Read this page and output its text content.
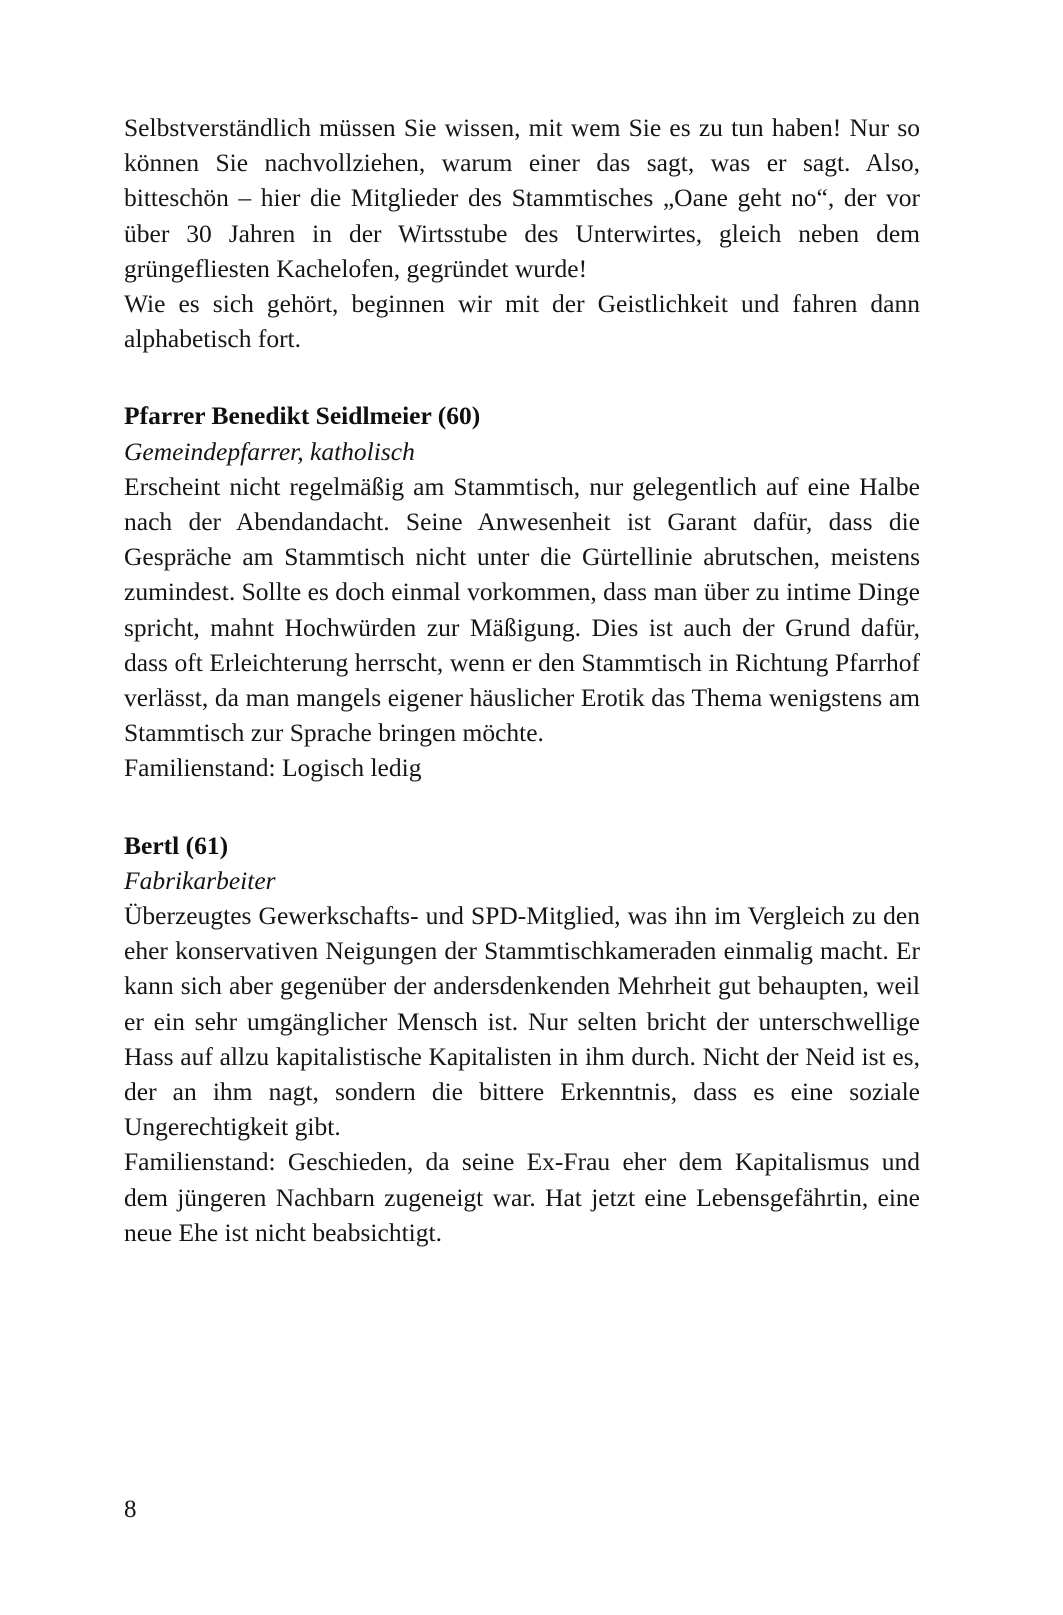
Selbstverständlich müssen Sie wissen, mit wem Sie es zu tun haben! Nur so können Sie nachvollziehen, warum einer das sagt, was er sagt. Also, bitteschön – hier die Mitglieder des Stammtisches „Oane geht no“, der vor über 30 Jahren in der Wirtsstube des Unterwirtes, gleich neben dem grüngefliesten Kachelofen, gegründet wurde!

Wie es sich gehört, beginnen wir mit der Geistlichkeit und fahren dann alphabetisch fort.

Pfarrer Benedikt Seidlmeier (60)

Gemeindepfarrer, katholisch

Erscheint nicht regelmäßig am Stammtisch, nur gelegentlich auf eine Halbe nach der Abendandacht. Seine Anwesenheit ist Garant dafür, dass die Gespräche am Stammtisch nicht unter die Gürtellinie abrutschen, meistens zumindest. Sollte es doch einmal vorkommen, dass man über zu intime Dinge spricht, mahnt Hochwürden zur Mäßigung. Dies ist auch der Grund dafür, dass oft Erleichterung herrscht, wenn er den Stammtisch in Richtung Pfarrhof verlässt, da man mangels eigener häuslicher Erotik das Thema wenigstens am Stammtisch zur Sprache bringen möchte.

Familienstand: Logisch ledig

Bertl (61)

Fabrikarbeiter

Überzeugtes Gewerkschafts- und SPD-Mitglied, was ihn im Vergleich zu den eher konservativen Neigungen der Stammtischkameraden einmalig macht. Er kann sich aber gegenüber der andersdenkenden Mehrheit gut behaupten, weil er ein sehr umgänglicher Mensch ist. Nur selten bricht der unterschwellige Hass auf allzu kapitalistische Kapitalisten in ihm durch. Nicht der Neid ist es, der an ihm nagt, sondern die bittere Erkenntnis, dass es eine soziale Ungerechtigkeit gibt.

Familienstand: Geschieden, da seine Ex-Frau eher dem Kapitalismus und dem jüngeren Nachbarn zugeneigt war. Hat jetzt eine Lebensgefährtin, eine neue Ehe ist nicht beabsichtigt.

8
